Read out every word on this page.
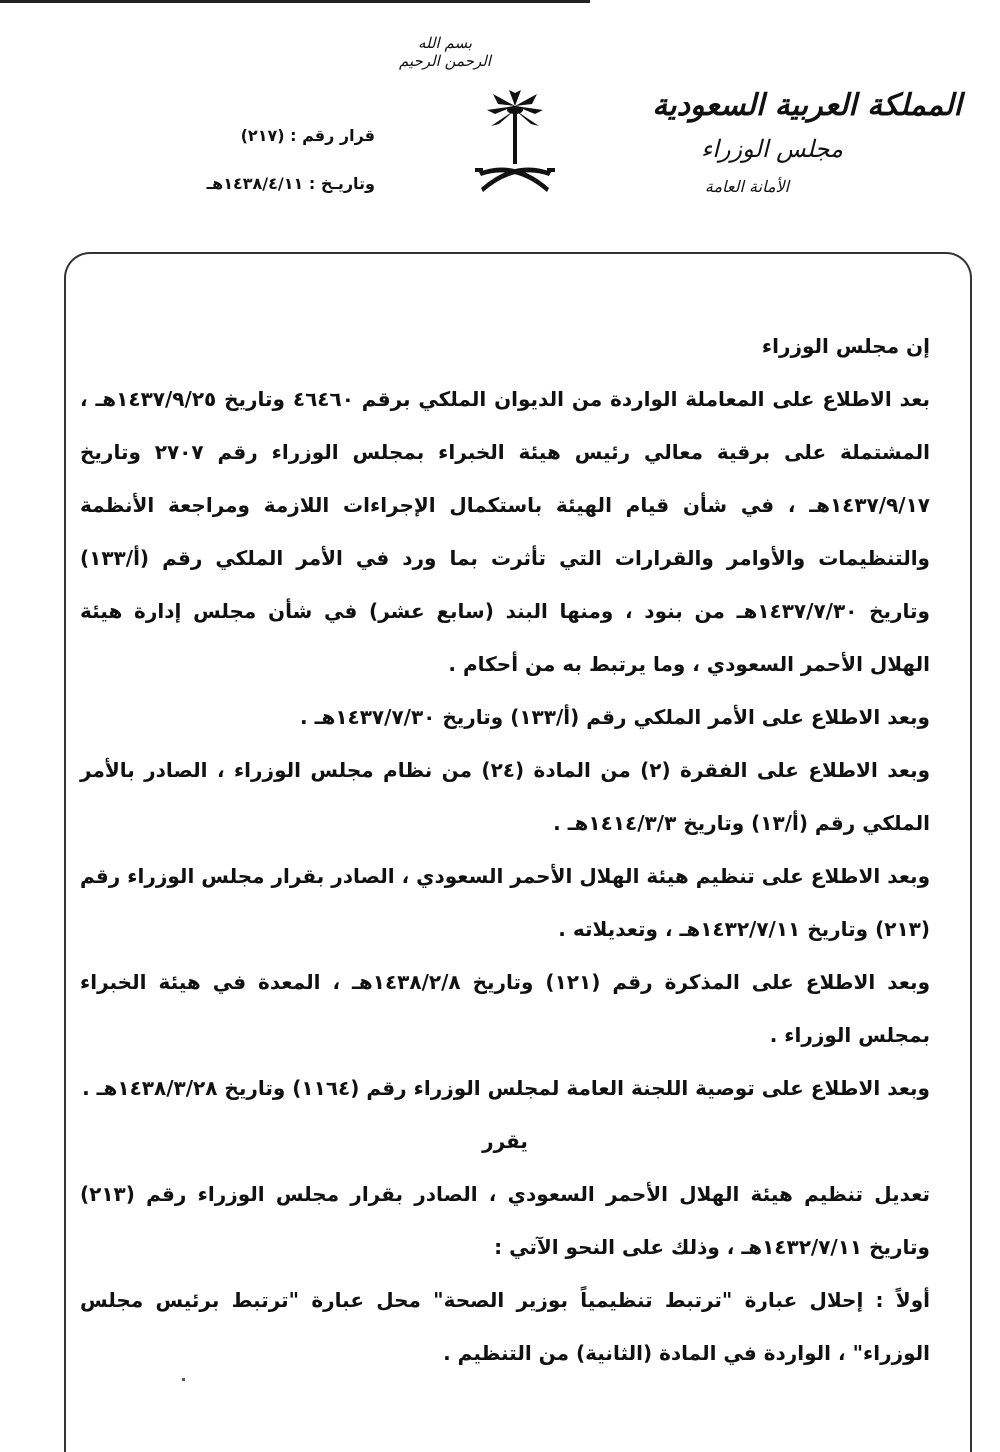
بسم الله الرحمن الرحيم
المملكة العربية السعودية
مجلس الوزراء
الأمانة العامة
قرار رقم : (٢١٧)
وتاريـخ : ١٤٣٨/٤/١١هـ

إن مجلس الوزراء

بعد الاطلاع على المعاملة الواردة من الديوان الملكي برقم ٤٦٤٦٠ وتاريخ ١٤٣٧/٩/٢٥هـ ، المشتملة على برقية معالي رئيس هيئة الخبراء بمجلس الوزراء رقم ٢٧٠٧ وتاريخ ١٤٣٧/٩/١٧هـ ، في شأن قيام الهيئة باستكمال الإجراءات اللازمة ومراجعة الأنظمة والتنظيمات والأوامر والقرارات التي تأثرت بما ورد في الأمر الملكي رقم (أ/١٣٣) وتاريخ ١٤٣٧/٧/٣٠هـ من بنود ، ومنها البند (سابع عشر) في شأن مجلس إدارة هيئة الهلال الأحمر السعودي ، وما يرتبط به من أحكام .

وبعد الاطلاع على الأمر الملكي رقم (أ/١٣٣) وتاريخ ١٤٣٧/٧/٣٠هـ .

وبعد الاطلاع على الفقرة (٢) من المادة (٢٤) من نظام مجلس الوزراء ، الصادر بالأمر الملكي رقم (أ/١٣) وتاريخ ١٤١٤/٣/٣هـ .

وبعد الاطلاع على تنظيم هيئة الهلال الأحمر السعودي ، الصادر بقرار مجلس الوزراء رقم (٢١٣) وتاريخ ١٤٣٢/٧/١١هـ ، وتعديلاته .

وبعد الاطلاع على المذكرة رقم (١٢١) وتاريخ ١٤٣٨/٢/٨هـ ، المعدة في هيئة الخبراء بمجلس الوزراء .

وبعد الاطلاع على توصية اللجنة العامة لمجلس الوزراء رقم (١١٦٤) وتاريخ ١٤٣٨/٣/٢٨هـ .

يقرر

تعديل تنظيم هيئة الهلال الأحمر السعودي ، الصادر بقرار مجلس الوزراء رقم (٢١٣) وتاريخ ١٤٣٢/٧/١١هـ ، وذلك على النحو الآتي :

أولاً : إحلال عبارة "ترتبط تنظيمياً بوزير الصحة" محل عبارة "ترتبط برئيس مجلس الوزراء" ، الواردة في المادة (الثانية) من التنظيم .
